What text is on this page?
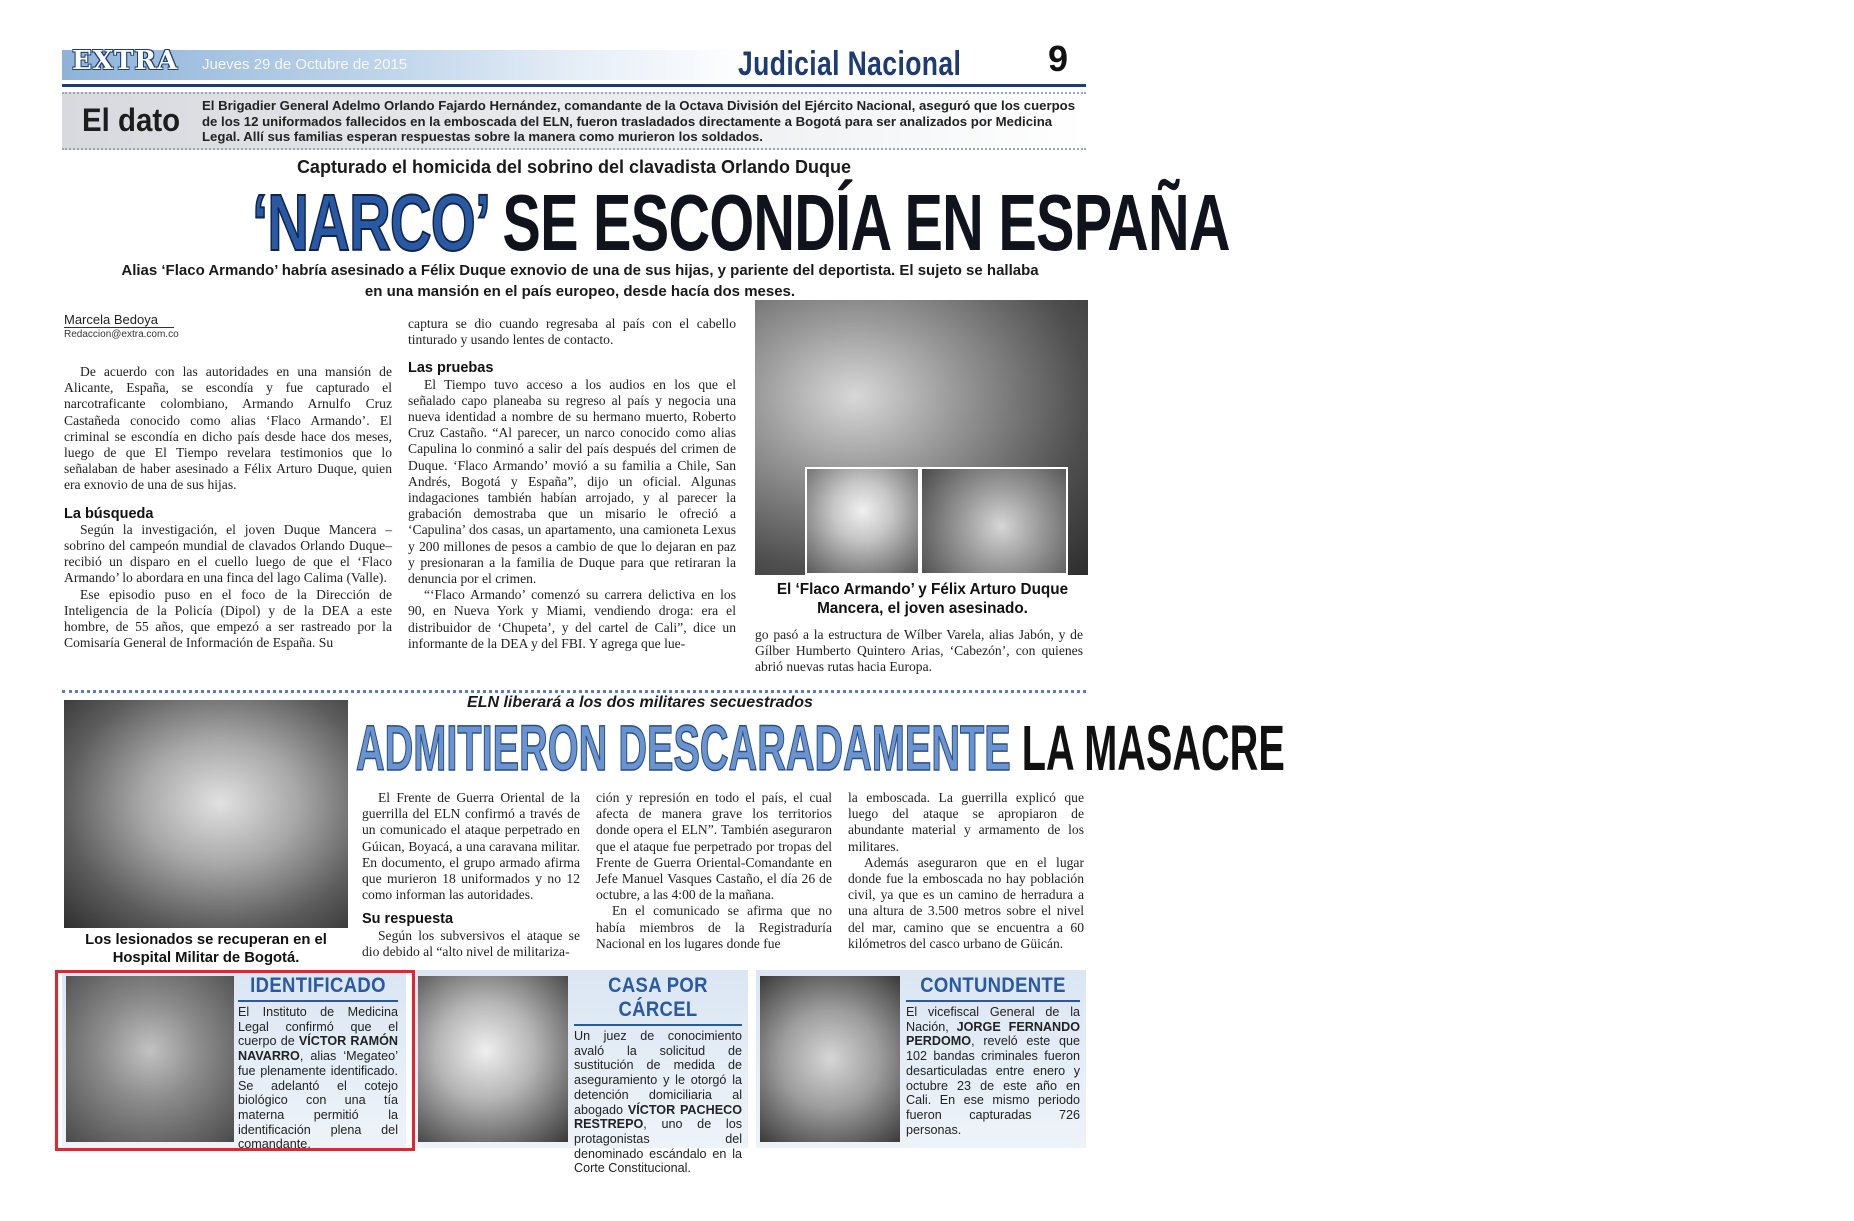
EXTRA Jueves 29 de Octubre de 2015	Judicial Nacional 9
El dato El Brigadier General Adelmo Orlando Fajardo Hernández, comandante de la Octava División del Ejército Nacional, aseguró que los cuerpos de los 12 uniformados fallecidos en la emboscada del ELN, fueron trasladados directamente a Bogotá para ser analizados por Medicina Legal. Allí sus familias esperan respuestas sobre la manera como murieron los soldados.
Capturado el homicida del sobrino del clavadista Orlando Duque
‘NARCO’ SE ESCONDÍA EN ESPAÑA
Alias ‘Flaco Armando’ habría asesinado a Félix Duque exnovio de una de sus hijas, y pariente del deportista. El sujeto se hallaba en una mansión en el país europeo, desde hacía dos meses.
Marcela Bedoya
Redaccion@extra.com.co

De acuerdo con las autoridades en una mansión de Alicante, España, se escondía y fue capturado el narcotraficante colombiano, Armando Arnulfo Cruz Castañeda conocido como alias ‘Flaco Armando’. El criminal se escondía en dicho país desde hace dos meses, luego de que El Tiempo revelara testimonios que lo señalaban de haber asesinado a Félix Arturo Duque, quien era exnovio de una de sus hijas.

La búsqueda

Según la investigación, el joven Duque Mancera –sobrino del campeón mundial de clavados Orlando Duque– recibió un disparo en el cuello luego de que el ‘Flaco Armando’ lo abordara en una finca del lago Calima (Valle).

Ese episodio puso en el foco de la Dirección de Inteligencia de la Policía (Dipol) y de la DEA a este hombre, de 55 años, que empezó a ser rastreado por la Comisaría General de Información de España. Su

captura se dio cuando regresaba al país con el cabello tinturado y usando lentes de contacto.

Las pruebas

El Tiempo tuvo acceso a los audios en los que el señalado capo planeaba su regreso al país y negocia una nueva identidad a nombre de su hermano muerto, Roberto Cruz Castaño. “Al parecer, un narco conocido como alias Capulina lo conminó a salir del país después del crimen de Duque. ‘Flaco Armando’ movió a su familia a Chile, San Andrés, Bogotá y España”, dijo un oficial. Algunas indagaciones también habían arrojado, y al parecer la grabación demostraba que un misario le ofreció a ‘Capulina’ dos casas, un apartamento, una camioneta Lexus y 200 millones de pesos a cambio de que lo dejaran en paz y presionaran a la familia de Duque para que retiraran la denuncia por el crimen.

“‘Flaco Armando’ comenzó su carrera delictiva en los 90, en Nueva York y Miami, vendiendo droga: era el distribuidor de ‘Chupeta’, y del cartel de Cali”, dice un informante de la DEA y del FBI. Y agrega que lue-

El ‘Flaco Armando’ y Félix Arturo Duque Mancera, el joven asesinado.

go pasó a la estructura de Wílber Varela, alias Jabón, y de Gílber Humberto Quintero Arias, ‘Cabezón’, con quienes abrió nuevas rutas hacia Europa.

Los lesionados se recuperan en el Hospital Militar de Bogotá.
ELN liberará a los dos militares secuestrados
ADMITIERON DESCARADAMENTE LA MASACRE

El Frente de Guerra Oriental de la guerrilla del ELN confirmó a través de un comunicado el ataque perpetrado en Gúican, Boyacá, a una caravana militar. En documento, el grupo armado afirma que murieron 18 uniformados y no 12 como informan las autoridades.

Su respuesta

Según los subversivos el ataque se dio debido al “alto nivel de militariza-

ción y represión en todo el país, el cual afecta de manera grave los territorios donde opera el ELN”. También aseguraron que el ataque fue perpetrado por tropas del Frente de Guerra Oriental-Comandante en Jefe Manuel Vasques Castaño, el día 26 de octubre, a las 4:00 de la mañana.

En el comunicado se afirma que no había miembros de la Registraduría Nacional en los lugares donde fue

la emboscada. La guerrilla explicó que luego del ataque se apropiaron de abundante material y armamento de los militares.

Además aseguraron que en el lugar donde fue la emboscada no hay población civil, ya que es un camino de herradura a una altura de 3.500 metros sobre el nivel del mar, camino que se encuentra a 60 kilómetros del casco urbano de Güicán.

IDENTIFICADO
El Instituto de Medicina Legal confirmó que el cuerpo de VÍCTOR RAMÓN NAVARRO, alias ‘Megateo’ fue plenamente identificado. Se adelantó el cotejo biológico con una tía materna permitió la identificación plena del comandante.
CASA POR CÁRCEL
Un juez de conocimiento avaló la solicitud de sustitución de medida de aseguramiento y le otorgó la detención domiciliaria al abogado VÍCTOR PACHECO RESTREPO, uno de los protagonistas del denominado escándalo en la Corte Constitucional.
CONTUNDENTE
El vicefiscal General de la Nación, JORGE FERNANDO PERDOMO, reveló este que 102 bandas criminales fueron desarticuladas entre enero y octubre 23 de este año en Cali. En ese mismo periodo fueron capturadas 726 personas.
